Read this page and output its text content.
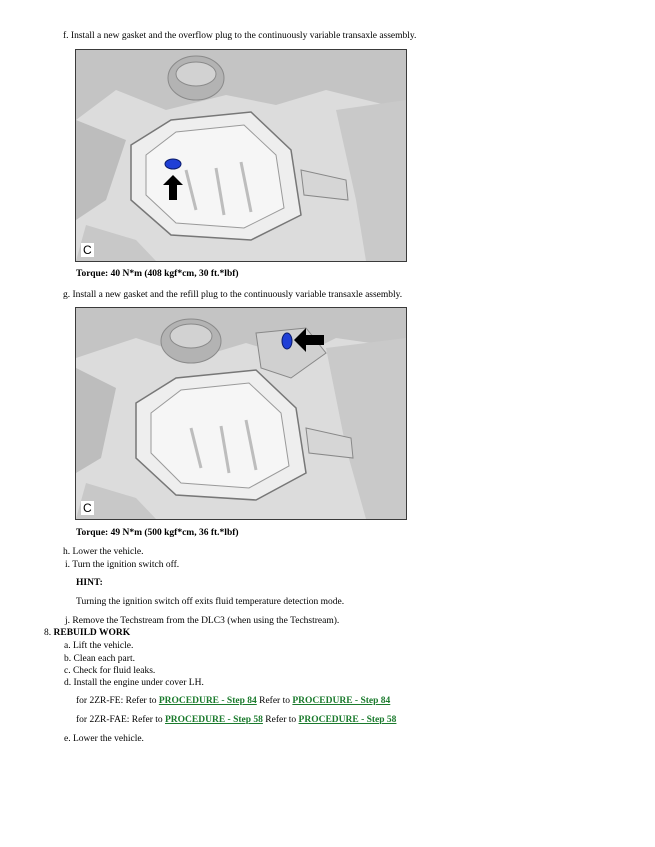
f. Install a new gasket and the overflow plug to the continuously variable transaxle assembly.
C
Torque: 40 N*m (408 kgf*cm, 30 ft.*lbf)
g. Install a new gasket and the refill plug to the continuously variable transaxle assembly.
C
Torque: 49 N*m (500 kgf*cm, 36 ft.*lbf)
h. Lower the vehicle.
i. Turn the ignition switch off.
HINT:
Turning the ignition switch off exits fluid temperature detection mode.
j. Remove the Techstream from the DLC3 (when using the Techstream).
8. REBUILD WORK
a. Lift the vehicle.
b. Clean each part.
c. Check for fluid leaks.
d. Install the engine under cover LH.
for 2ZR-FE: Refer to PROCEDURE - Step 84 Refer to PROCEDURE - Step 84
for 2ZR-FAE: Refer to PROCEDURE - Step 58 Refer to PROCEDURE - Step 58
e. Lower the vehicle.
